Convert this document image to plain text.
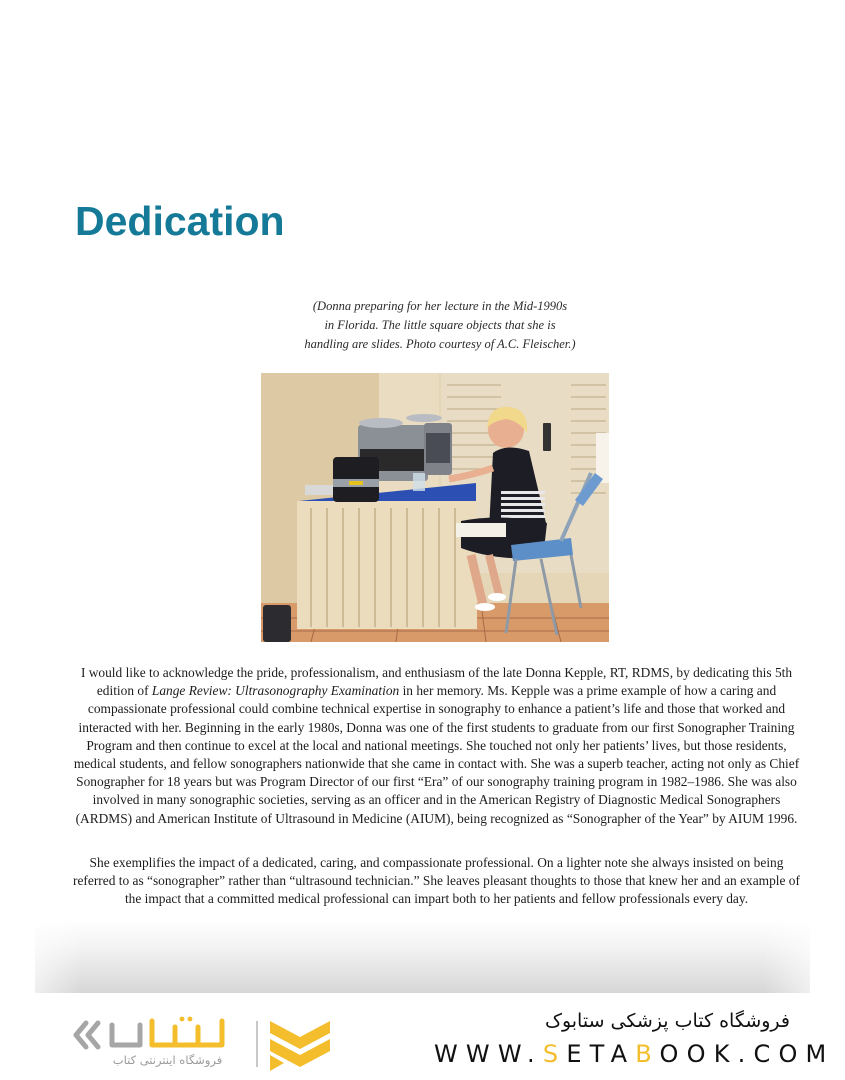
Dedication
(Donna preparing for her lecture in the Mid-1990s
in Florida. The little square objects that she is
handling are slides. Photo courtesy of A.C. Fleischer.)

I would like to acknowledge the pride, professionalism, and enthusiasm of the late Donna Kepple, RT, RDMS, by dedicating this 5th edition of Lange Review: Ultrasonography Examination in her memory. Ms. Kepple was a prime example of how a caring and compassionate professional could combine technical expertise in sonography to enhance a patient’s life and those that worked and interacted with her. Beginning in the early 1980s, Donna was one of the first students to graduate from our first Sonographer Training Program and then continue to excel at the local and national meetings. She touched not only her patients’ lives, but those residents, medical students, and fellow sonographers nationwide that she came in contact with. She was a superb teacher, acting not only as Chief Sonographer for 18 years but was Program Director of our first “Era” of our sonography training program in 1982–1986. She was also involved in many sonographic societies, serving as an officer and in the American Registry of Diagnostic Medical Sonographers (ARDMS) and American Institute of Ultrasound in Medicine (AIUM), being recognized as “Sonographer of the Year” by AIUM 1996.

She exemplifies the impact of a dedicated, caring, and compassionate professional. On a lighter note she always insisted on being referred to as “sonographer” rather than “ultrasound technician.” She leaves pleasant thoughts to those that knew her and an example of the impact that a committed medical professional can impart both to her patients and fellow professionals every day.

فروشگاه اینترنتی کتاب
فروشگاه کتاب پزشکی ستابوک
WWW.SETABOOK.COM
